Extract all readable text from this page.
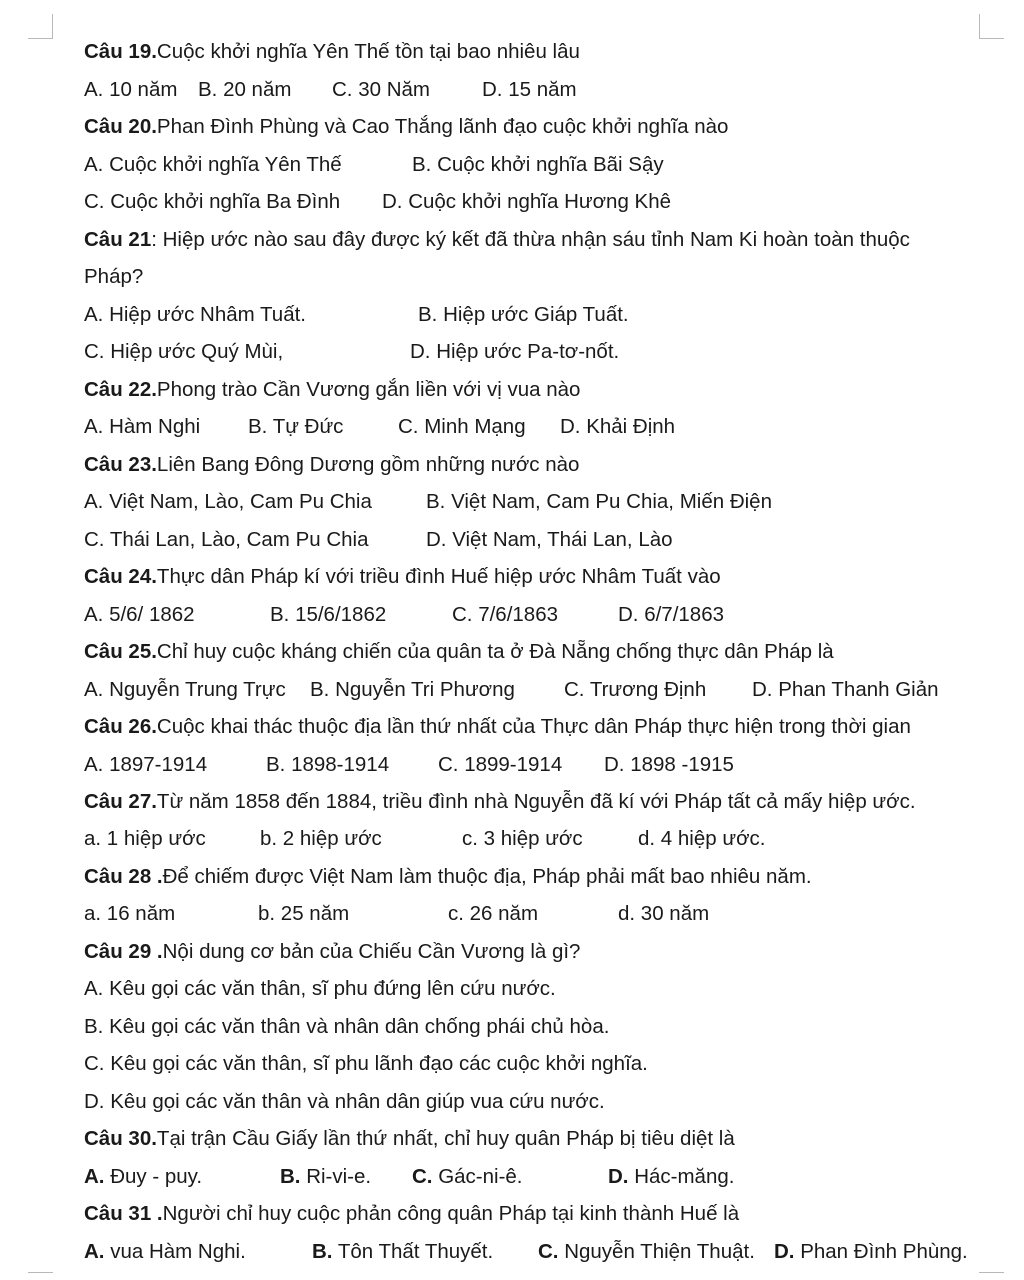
Câu 19. Cuộc khởi nghĩa Yên Thế tồn tại bao nhiêu lâu
A. 10 năm B. 20 năm C. 30 Năm	D. 15 năm
Câu 20. Phan Đình Phùng và Cao Thắng lãnh đạo cuộc khởi nghĩa nào
A. Cuộc khởi nghĩa Yên Thế	B. Cuộc khởi nghĩa Bãi Sậy
C. Cuộc khởi nghĩa Ba Đình D. Cuộc khởi nghĩa Hương Khê
Câu 21 : Hiệp ước nào sau đây được ký kết đã thừa nhận sáu tỉnh Nam Ki hoàn toàn thuộc
Pháp?
A. Hiệp ước Nhâm Tuất.	B. Hiệp ước Giáp Tuất.
C. Hiệp ước Quý Mùi,	D. Hiệp ước Pa-tơ-nốt.
Câu 22. Phong trào Cần Vương gắn liền với vị vua nào
A. Hàm Nghi B. Tự Đức	C. Minh Mạng D. Khải Định
Câu 23. Liên Bang Đông Dương gồm những nước nào
A. Việt Nam, Lào, Cam Pu Chia	B. Việt Nam, Cam Pu Chia, Miến Điện
C. Thái Lan, Lào, Cam Pu Chia	D. Việt Nam, Thái Lan, Lào
Câu 24. Thực dân Pháp kí với triều đình Huế hiệp ước Nhâm Tuất vào
A. 5/6/ 1862	B. 15/6/1862	C. 7/6/1863	D. 6/7/1863
Câu 25. Chỉ huy cuộc kháng chiến của quân ta ở Đà Nẵng chống thực dân Pháp là
A. Nguyễn Trung Trực B. Nguyễn Tri Phương C. Trương Định D. Phan Thanh Giản
Câu 26. Cuộc khai thác thuộc địa lần thứ nhất của Thực dân Pháp thực hiện trong thời gian
A. 1897-1914	B. 1898-1914 C. 1899-1914 D. 1898 -1915
Câu 27. Từ năm 1858 đến 1884, triều đình nhà Nguyễn đã kí với Pháp tất cả mấy hiệp ước.
a. 1 hiệp ước	b. 2 hiệp ước	c. 3 hiệp ước	d. 4 hiệp ước.
Câu 28 . Để chiếm được Việt Nam làm thuộc địa, Pháp phải mất bao nhiêu năm.
a. 16 năm	b. 25 năm	c. 26 năm	d. 30 năm
Câu 29 . Nội dung cơ bản của Chiếu Cần Vương là gì?
A. Kêu gọi các văn thân, sĩ phu đứng lên cứu nước.
B. Kêu gọi các văn thân và nhân dân chống phái chủ hòa.
C. Kêu gọi các văn thân, sĩ phu lãnh đạo các cuộc khởi nghĩa.
D. Kêu gọi các văn thân và nhân dân giúp vua cứu nước.
Câu 30. Tại trận Cầu Giấy lần thứ nhất, chỉ huy quân Pháp bị tiêu diệt là
A. Đuy - puy.	B. Ri-vi-e. C. Gác-ni-ê.	D. Hác-măng.
Câu 31 . Người chỉ huy cuộc phản công quân Pháp tại kinh thành Huế là
A. vua Hàm Nghi.	B. Tôn Thất Thuyết. C. Nguyễn Thiện Thuật. D. Phan Đình Phùng.
